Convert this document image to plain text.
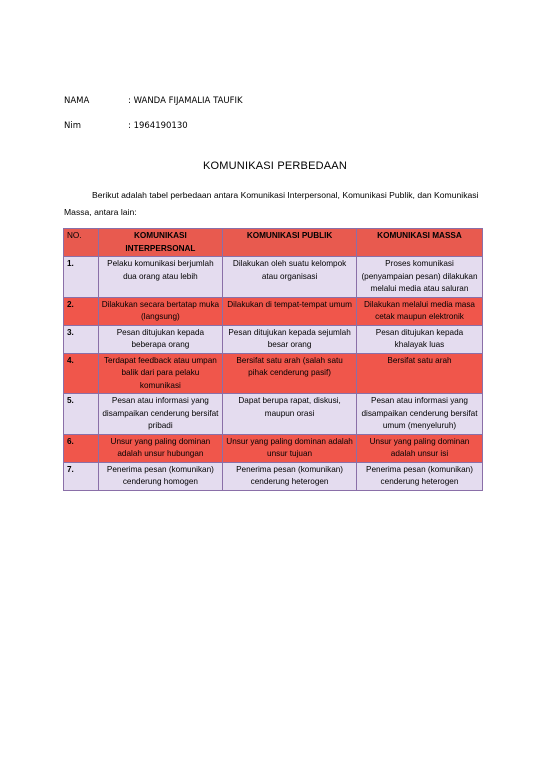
NAMA	: WANDA FIJAMALIA TAUFIK
Nim	: 1964190130
KOMUNIKASI PERBEDAAN
Berikut adalah tabel perbedaan antara Komunikasi Interpersonal, Komunikasi Publik, dan Komunikasi Massa, antara lain:
NO.	KOMUNIKASI INTERPERSONAL	KOMUNIKASI PUBLIK	KOMUNIKASI MASSA
1.	Pelaku komunikasi berjumlah dua orang atau lebih	Dilakukan oleh suatu kelompok atau organisasi	Proses komunikasi (penyampaian pesan) dilakukan melalui media atau saluran
2.	Dilakukan secara bertatap muka (langsung)	Dilakukan di tempat-tempat umum	Dilakukan melalui media masa cetak maupun elektronik
3.	Pesan ditujukan kepada beberapa orang	Pesan ditujukan kepada sejumlah besar orang	Pesan ditujukan kepada khalayak luas
4.	Terdapat feedback atau umpan balik dari para pelaku komunikasi	Bersifat satu arah (salah satu pihak cenderung pasif)	Bersifat satu arah
5.	Pesan atau informasi yang disampaikan cenderung bersifat pribadi	Dapat berupa rapat, diskusi, maupun orasi	Pesan atau informasi yang disampaikan cenderung bersifat umum (menyeluruh)
6.	Unsur yang paling dominan adalah unsur hubungan	Unsur yang paling dominan adalah unsur tujuan	Unsur yang paling dominan adalah unsur isi
7.	Penerima pesan (komunikan) cenderung homogen	Penerima pesan (komunikan) cenderung heterogen	Penerima pesan (komunikan) cenderung heterogen
